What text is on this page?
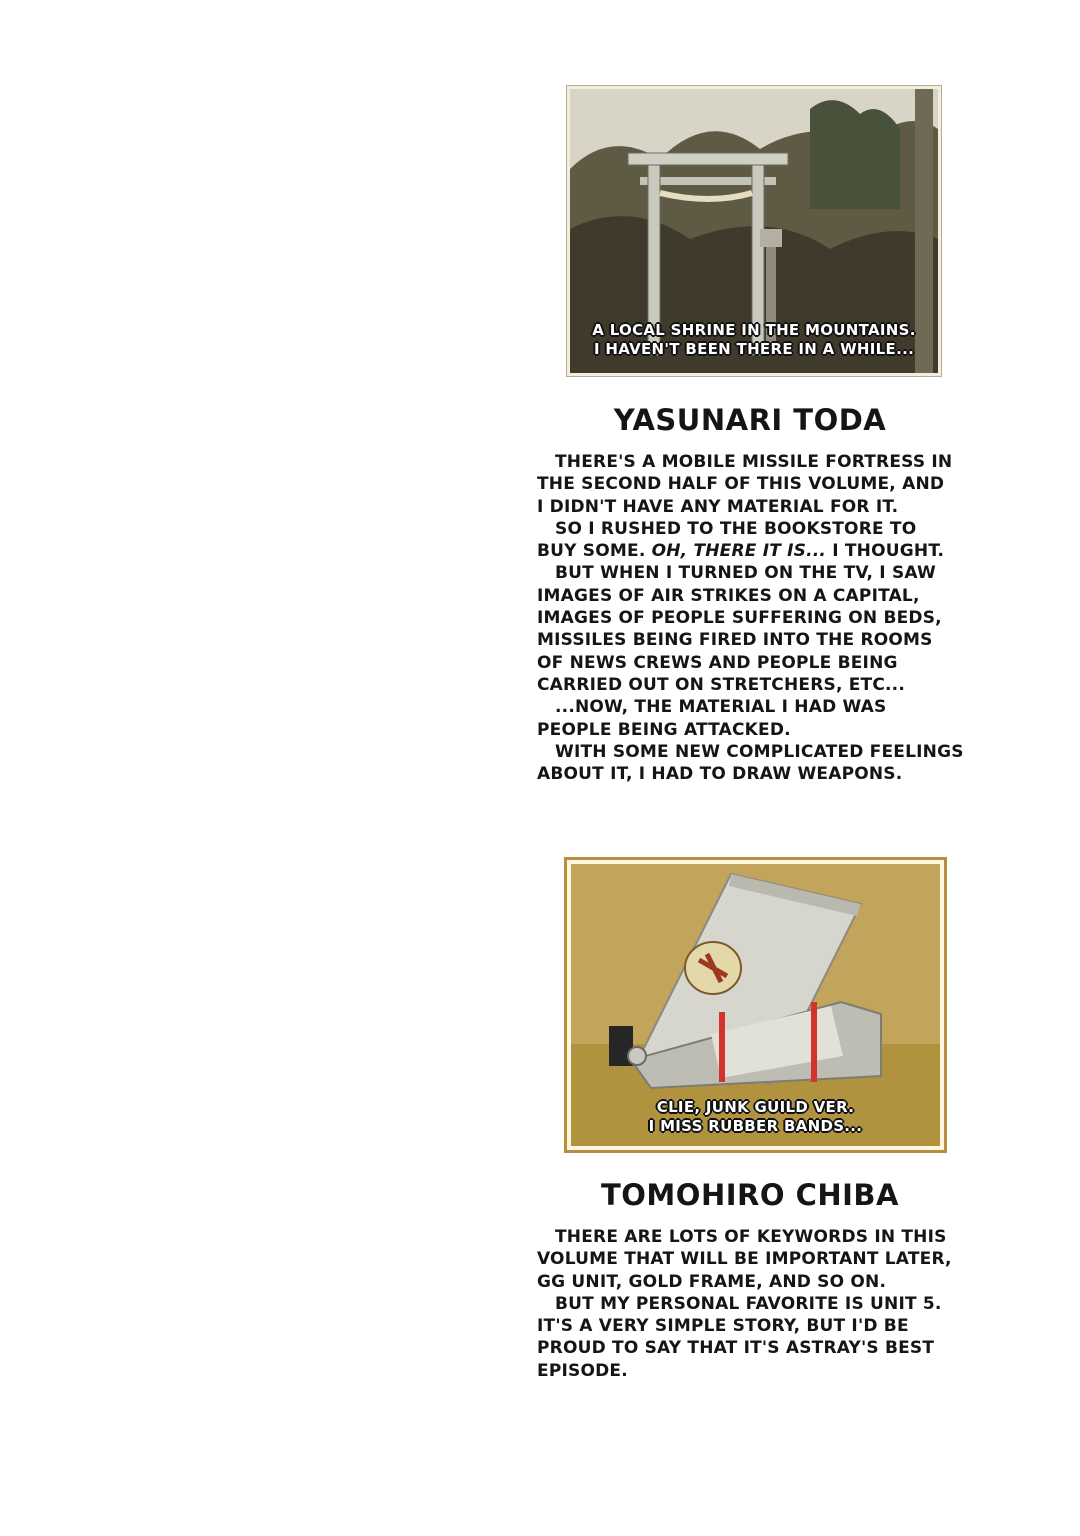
A LOCAL SHRINE IN THE MOUNTAINS.
I HAVEN'T BEEN THERE IN A WHILE...
YASUNARI TODA
THERE'S A MOBILE MISSILE FORTRESS IN
THE SECOND HALF OF THIS VOLUME, AND
I DIDN'T HAVE ANY MATERIAL FOR IT.
SO I RUSHED TO THE BOOKSTORE TO
BUY SOME. OH, THERE IT IS... I THOUGHT.
BUT WHEN I TURNED ON THE TV, I SAW
IMAGES OF AIR STRIKES ON A CAPITAL,
IMAGES OF PEOPLE SUFFERING ON BEDS,
MISSILES BEING FIRED INTO THE ROOMS
OF NEWS CREWS AND PEOPLE BEING
CARRIED OUT ON STRETCHERS, ETC...
...NOW, THE MATERIAL I HAD WAS
PEOPLE BEING ATTACKED.
WITH SOME NEW COMPLICATED FEELINGS
ABOUT IT, I HAD TO DRAW WEAPONS.
CLIE, JUNK GUILD VER.
I MISS RUBBER BANDS...
TOMOHIRO CHIBA
THERE ARE LOTS OF KEYWORDS IN THIS
VOLUME THAT WILL BE IMPORTANT LATER,
GG UNIT, GOLD FRAME, AND SO ON.
BUT MY PERSONAL FAVORITE IS UNIT 5.
IT'S A VERY SIMPLE STORY, BUT I'D BE
PROUD TO SAY THAT IT'S ASTRAY'S BEST
EPISODE.
